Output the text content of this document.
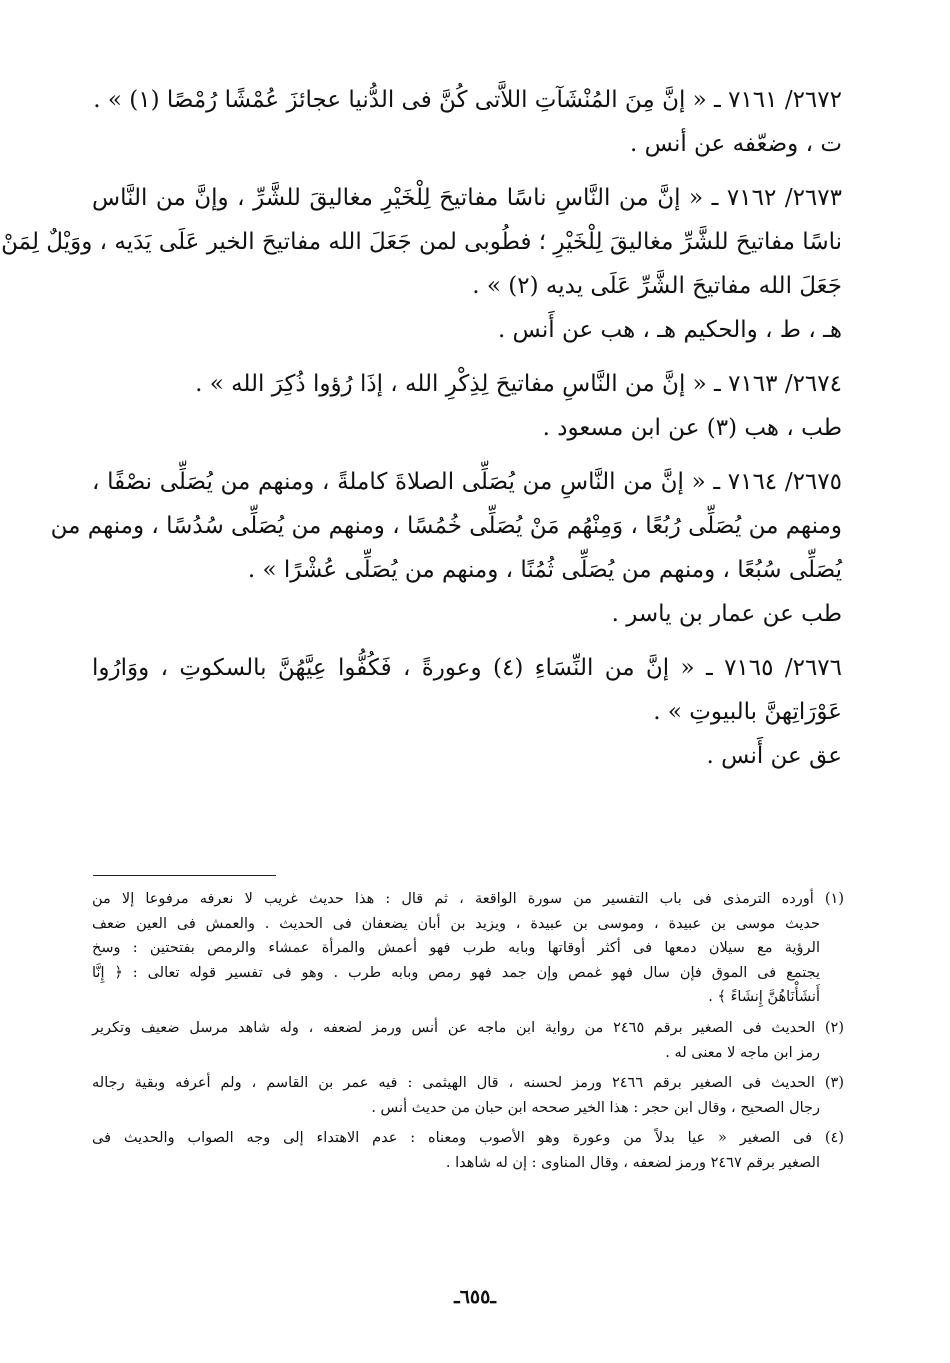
٢٦٧٢/ ٧١٦١ ـ « إنَّ مِنَ المُنْشَآتِ اللاَّتى كُنَّ فى الدُّنيا عجائزَ عُمْشًا رُمْصًا (١) » .
ت ، وضعّفه عن أنس .
٢٦٧٣/ ٧١٦٢ ـ « إنَّ من النَّاسِ ناسًا مفاتيحَ لِلْخَيْرِ مغاليقَ للشَّرِّ ، وإنَّ من النَّاس
ناسًا مفاتيحَ للشَّرِّ مغاليقَ لِلْخَيْرِ ؛ فطُوبى لمن جَعَلَ الله مفاتيحَ الخير عَلَى يَدَيه ، ووَيْلٌ لِمَنْ
جَعَلَ الله مفاتيحَ الشَّرِّ عَلَى يديه (٢) » .
هـ ، ط ، والحكيم هـ ، هب عن أَنس .
٢٦٧٤/ ٧١٦٣ ـ « إنَّ من النَّاسِ مفاتيحَ لِذِكْرِ الله ، إذَا رُؤوا ذُكِرَ الله » .
طب ، هب (٣) عن ابن مسعود .
٢٦٧٥/ ٧١٦٤ ـ « إنَّ من النَّاسِ من يُصَلِّى الصلاةَ كاملةً ، ومنهم من يُصَلِّى نصْفًا ،
ومنهم من يُصَلِّى رُبُعًا ، وَمِنْهُم مَنْ يُصَلِّى خُمُسًا ، ومنهم من يُصَلِّى سُدُسًا ، ومنهم من
يُصَلِّى سُبُعًا ، ومنهم من يُصَلِّى ثُمُنًا ، ومنهم من يُصَلِّى عُشْرًا » .
طب عن عمار بن ياسر .
٢٦٧٦/ ٧١٦٥ ـ « إنَّ من النِّسَاءِ (٤) وعورةً ، فَكُفُّوا عِيَّهُنَّ بالسكوتِ ، ووَارُوا
عَوْرَاتِهنَّ بالبيوتِ » .
عق عن أَنس .
(١) أورده الترمذى فى باب التفسير من سورة الواقعة ، ثم قال : هذا حديث غريب لا نعرفه مرفوعا إلا من
حديث موسى بن عبيدة ، وموسى بن عبيدة ، ويزيد بن أبان يضعفان فى الحديث . والعمش فى العين ضعف
الرؤية مع سيلان دمعها فى أكثر أوقاتها وبابه طرب فهو أعمش والمرأة عمشاء والرمص بفتحتين : وسخ
يجتمع فى الموق فإن سال فهو غمص وإن جمد فهو رمص وبابه طرب . وهو فى تفسير قوله تعالى : ﴿ إِنَّا
أَنشَأْنَاهُنَّ إِنشَاءً ﴾ .
(٢) الحديث فى الصغير برقم ٢٤٦٥ من رواية ابن ماجه عن أنس ورمز لضعفه ، وله شاهد مرسل ضعيف وتكرير
رمز ابن ماجه لا معنى له .
(٣) الحديث فى الصغير برقم ٢٤٦٦ ورمز لحسنه ، قال الهيثمى : فيه عمر بن القاسم ، ولم أعرفه وبقية رجاله
رجال الصحيح ، وقال ابن حجر : هذا الخير صححه ابن حبان من حديث أنس .
(٤) فى الصغير « عيا بدلاً من وعورة وهو الأصوب ومعناه : عدم الاهتداء إلى وجه الصواب والحديث فى
الصغير برقم ٢٤٦٧ ورمز لضعفه ، وقال المناوى : إن له شاهدا .
ـ٦٥٥ـ
